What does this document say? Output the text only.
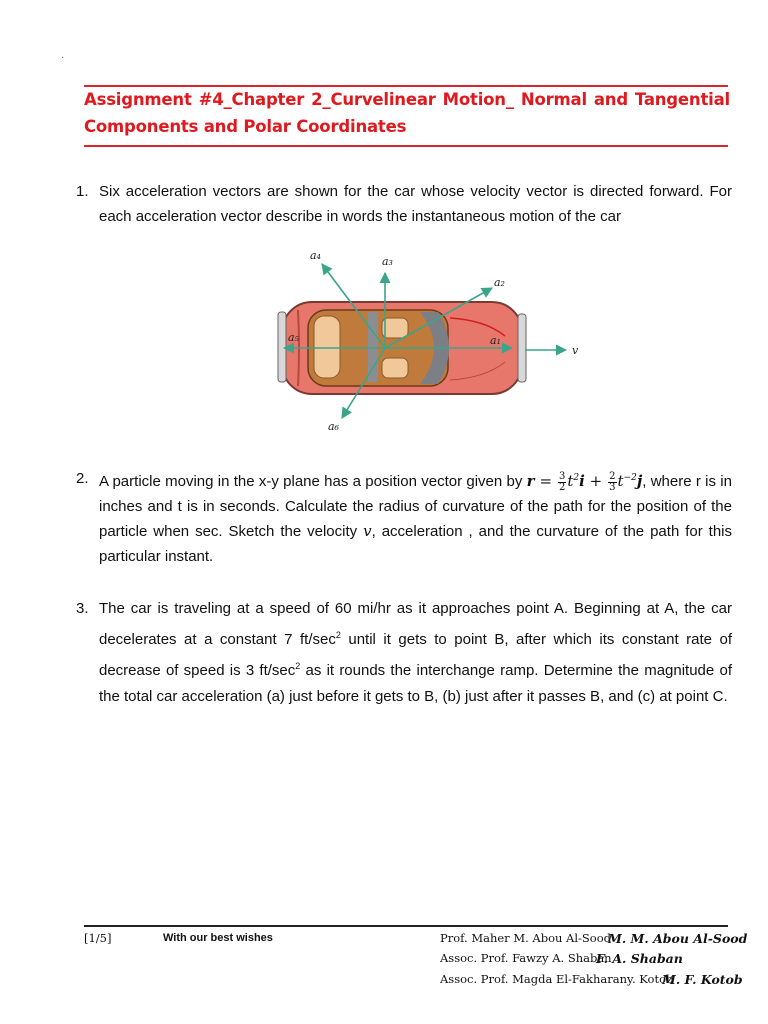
·
Assignment #4_Chapter 2_Curvelinear Motion_ Normal and Tangential Components and Polar Coordinates
1. Six acceleration vectors are shown for the car whose velocity vector is directed forward. For each acceleration vector describe in words the instantaneous motion of the car
a₁
a₂
a₃
a₄
a₅
a₆
v
2. A particle moving in the x-y plane has a position vector given by $r = \frac{3}{2} t^2i + \frac{2}{3} t^{-2}j$, where r is in inches and t is in seconds. Calculate the radius of curvature of the path for the position of the particle when sec. Sketch the velocity v, acceleration , and the curvature of the path for this particular instant.
3. The car is traveling at a speed of 60 mi/hr as it approaches point A. Beginning at A, the car decelerates at a constant 7 $ft/\sec^2$ until it gets to point B, after which its constant rate of decrease of speed is 3 $ft/\sec^2$ as it rounds the interchange ramp. Determine the magnitude of the total car acceleration (a) just before it gets to B, (b) just after it passes B, and (c) at point C.
[1/5]	With our best wishes	Prof. Maher M. Abou Al-Sood
M. M. Abou Al-Sood
Assoc. Prof. Fawzy A. Shaban
F. A. Shaban
Assoc. Prof. Magda El-Fakharany. Kotob
M. F. Kotob
